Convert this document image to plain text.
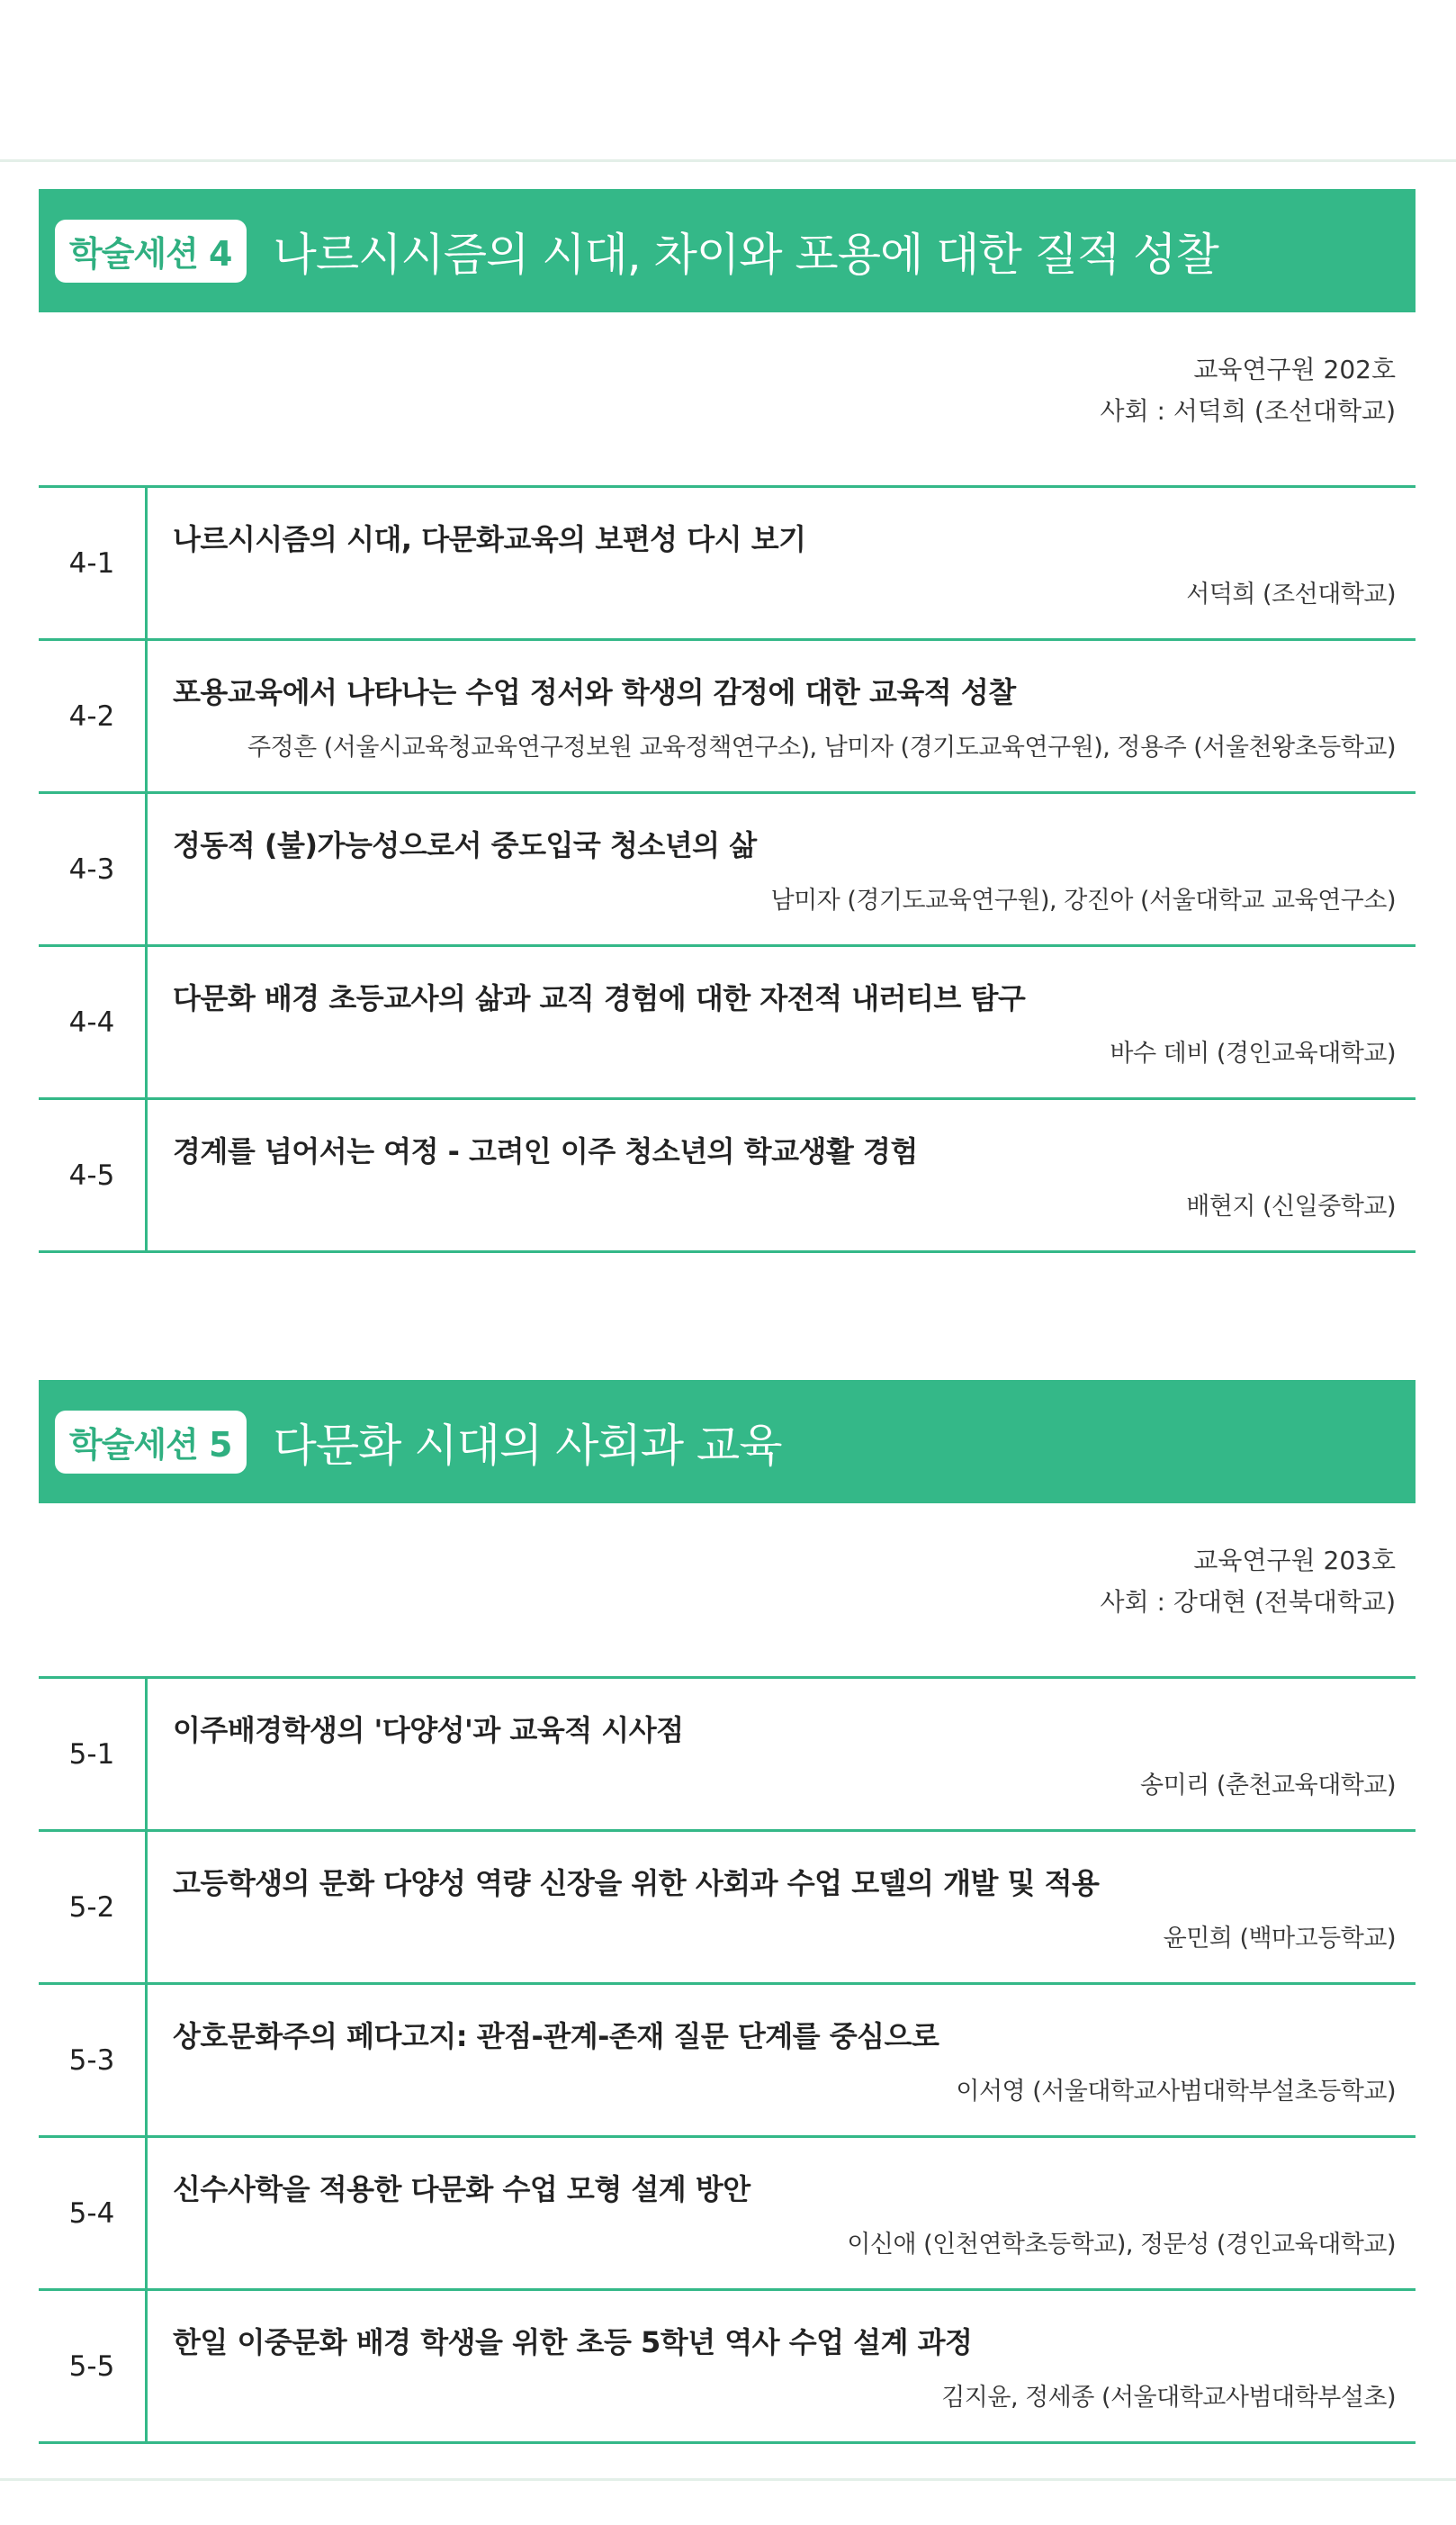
학술세션 4 나르시시즘의 시대, 차이와 포용에 대한 질적 성찰
교육연구원 202호
사회 : 서덕희 (조선대학교)
4-1
나르시시즘의 시대, 다문화교육의 보편성 다시 보기
서덕희 (조선대학교)
4-2
포용교육에서 나타나는 수업 정서와 학생의 감정에 대한 교육적 성찰
주정흔 (서울시교육청교육연구정보원 교육정책연구소), 남미자 (경기도교육연구원), 정용주 (서울천왕초등학교)
4-3
정동적 (불)가능성으로서 중도입국 청소년의 삶
남미자 (경기도교육연구원), 강진아 (서울대학교 교육연구소)
4-4
다문화 배경 초등교사의 삶과 교직 경험에 대한 자전적 내러티브 탐구
바수 데비 (경인교육대학교)
4-5
경계를 넘어서는 여정 - 고려인 이주 청소년의 학교생활 경험
배현지 (신일중학교)
학술세션 5 다문화 시대의 사회과 교육
교육연구원 203호
사회 : 강대현 (전북대학교)
5-1
이주배경학생의 '다양성'과 교육적 시사점
송미리 (춘천교육대학교)
5-2
고등학생의 문화 다양성 역량 신장을 위한 사회과 수업 모델의 개발 및 적용
윤민희 (백마고등학교)
5-3
상호문화주의 페다고지: 관점-관계-존재 질문 단계를 중심으로
이서영 (서울대학교사범대학부설초등학교)
5-4
신수사학을 적용한 다문화 수업 모형 설계 방안
이신애 (인천연학초등학교), 정문성 (경인교육대학교)
5-5
한일 이중문화 배경 학생을 위한 초등 5학년 역사 수업 설계 과정
김지윤, 정세종 (서울대학교사범대학부설초)
